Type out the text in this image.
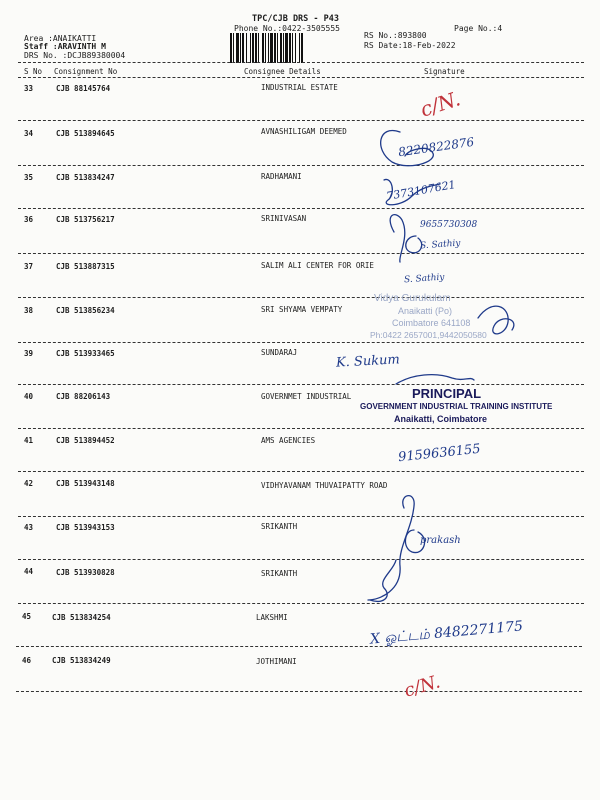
TPC/CJB DRS - P43
Phone No.:0422-3505555
Area :ANAIKATTI
Staff :ARAVINTH M
DRS No. :DCJB89380004
RS No.:893800
RS Date:18-Feb-2022
Page No.:4
S No Consignment No	Consignee Details	Signature
33	CJB 88145764	INDUSTRIAL ESTATE
34	CJB 513894645	AVNASHILIGAM DEEMED
35	CJB 513834247	RADHAMANI
36	CJB 513756217	SRINIVASAN
37	CJB 513887315	SALIM ALI CENTER FOR ORIE
38	CJB 513856234	SRI SHYAMA VEMPATY
39	CJB 513933465	SUNDARAJ
40	CJB 88206143	GOVERNMET INDUSTRIAL
41	CJB 513894452	AMS AGENCIES
42	CJB 513943148	VIDHYAVANAM THUVAIPATTY ROAD
43	CJB 513943153	SRIKANTH
44	CJB 513930828	SRIKANTH
45	CJB 513834254	LAKSHMI
46	CJB 513834249	JOTHIMANI
Vidya Gurukulam
Anaikatti (Po)
Coimbatore 641108
Ph:0422 2657001,9442050580
PRINCIPAL
GOVERNMENT INDUSTRIAL TRAINING INSTITUTE
Anaikatti, Coimbatore
c/N.
8220822876
7373107621
9655730308
S. Sathiy
S. Sathiy
K. Sukum
9159636155
prakash
X ஓட்டம் 8482271175
c/N.
